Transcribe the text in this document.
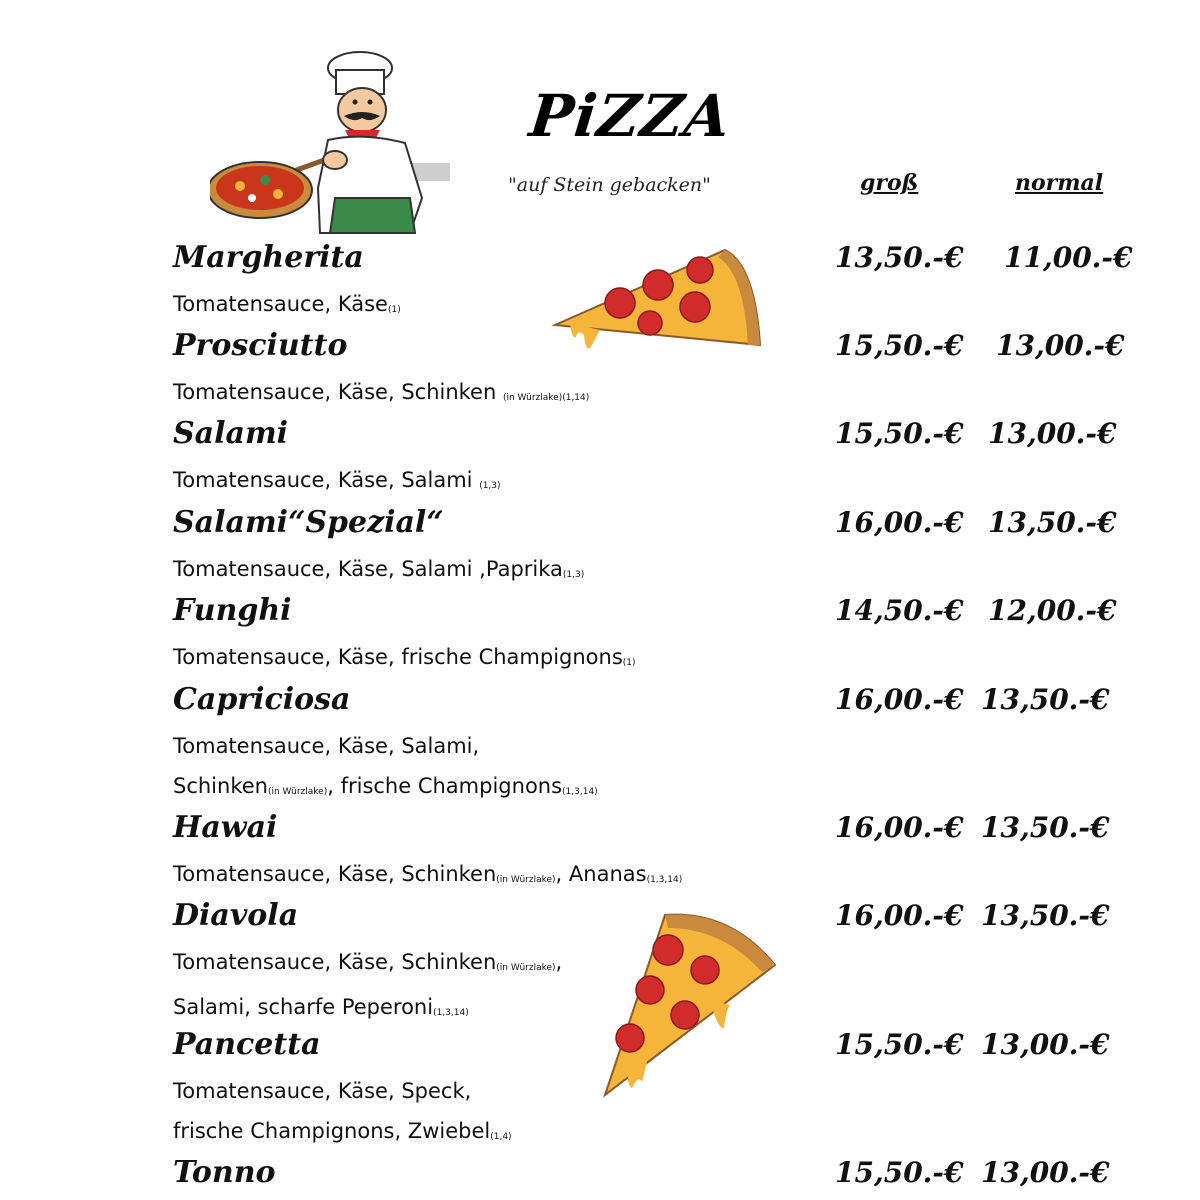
PiZZA
"auf Stein gebacken"	groß	normal
Margherita	13,50.-€ 11,00.-€
Tomatensauce, Käse(1)
Prosciutto	15,50.-€ 13,00.-€
Tomatensauce, Käse, Schinken (in Würzlake)(1,14)
Salami	15,50.-€ 13,00.-€
Tomatensauce, Käse, Salami (1,3)
Salami“Spezial“	16,00.-€ 13,50.-€
Tomatensauce, Käse, Salami ,Paprika(1,3)
Funghi	14,50.-€ 12,00.-€
Tomatensauce, Käse, frische Champignons(1)
Capriciosa	16,00.-€ 13,50.-€
Tomatensauce, Käse, Salami,
Schinken(in Würzlake), frische Champignons(1,3,14)
Hawai	16,00.-€ 13,50.-€
Tomatensauce, Käse, Schinken(in Würzlake), Ananas(1,3,14)
Diavola	16,00.-€ 13,50.-€
Tomatensauce, Käse, Schinken(in Würzlake),
Salami, scharfe Peperoni(1,3,14)
Pancetta	15,50.-€ 13,00.-€
Tomatensauce, Käse, Speck,
frische Champignons, Zwiebel(1,4)
Tonno	15,50.-€ 13,00.-€
